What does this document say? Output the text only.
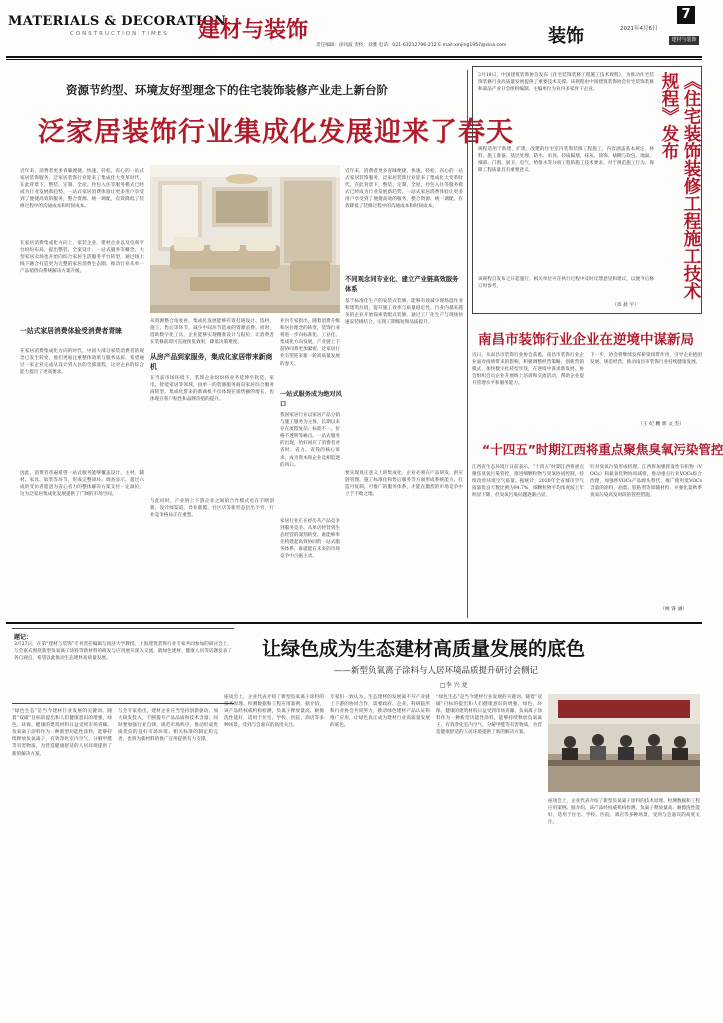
MATERIALS & DECORATION
CONSTRUCTION TIMES 建材与装饰
责任编辑：徐风波 责校：刘雅 电话：021-63212796-212 E-mail:xinjing1957@sina.com 装饰	2021年4月6日
7
建材与装饰
资源节约型、环境友好型理念下的住宅装饰装修产业走上新台阶
泛家居装饰行业集成化发展迎来了春天
近年来，消费者更多青睐便捷、快速、轻松、省心的一站式家居装饰服务，泛家居装饰行业迎来了集成化大变革时代。在此背景下，整装、定制、全屋、拎包入住等服务模式已经成为行业发展新趋势。一站式家居消费体验让更多用户享受到了便捷高效的服务，整合资源、统一调配，有效降低了装修过程中的沟通成本和时间成本。
在家居消费集成化方向上，家装企业、建材企业以及电商平台纷纷布局，提出整装、全案设计、一站式服务等概念。大型家居卖场也开始向综合家居生活服务平台转型，通过线上线下融合打造更为完整的家居消费生态圈，推动行业从单一产品销售向系统解决方案升级。
一站式家居消费体验受消费者青睐
在家居消费集成化方向的时代，中国大部分家装消费者的观念已发生转变，他们更加注重整体效果与服务品质，希望通过一家企业完成从设计到入住的全部流程，这对企业的综合能力提出了更高要求。
因此，消费者普遍希望一站式服务能够覆盖设计、主材、辅材、家具、软装等环节，形成完整闭环。调查显示，超过六成的受访者愿意为省心省力的整体解决方案支付一定溢价，这为泛家居集成化发展提供了广阔的市场空间。
从资源整合角度看，集成化发展能够有效打通设计、选材、施工、售后等环节，减少中间环节造成的资源浪费。同时，借助数字化工具，企业能够实现精准设计与报价，让消费者在装修前即可直观预览效果，降低决策难度。
从房产品到家服务，集成化家居带来新商机
在当前市场环境下，装饰企业纷纷将业务延伸至软装、家电、智能家居等领域，由单一的装修服务商向家居综合服务商转型。集成化带来的新商机不仅体现在销售额的增长，也体现在客户粘性和品牌价值的提升。
与此同时，产业链上下游企业之间的合作模式也在不断创新，设计师渠道、异业联盟、社区店等新形态层出不穷，行业竞争格局正在重塑。
业内专家指出，随着消费升级和居住理念的转变，装饰行业将进一步向标准化、工业化、集成化方向发展，产业链上下游协同将更加紧密，泛家居行业有望迎来新一轮高质量发展的春天。
一站式服务成为绝对风口
我国家居行业以家居产品分销与施工服务为主体，长期以来存在流程复杂、标准不一、价格不透明等痛点。一站式服务的出现，恰好回应了消费者对省时、省力、省钱的核心诉求，成为资本和企业竞相追逐的风口。
家居行业正在经历从产品竞争到服务竞争、从单店经营到生态经营的深刻转变。谁能够率先构建起高效协同的一站式服务体系，谁就能在未来的市场竞争中占据主动。
近年来，消费者更多青睐便捷、快速、轻松、省心的一站式家居装饰服务，泛家居装饰行业迎来了集成化大变革时代。在此背景下，整装、定制、全屋、拎包入住等服务模式已经成为行业发展新趋势。一站式家居消费体验让更多用户享受到了便捷高效的服务，整合资源、统一调配，有效降低了装修过程中的沟通成本和时间成本。
不同观念同专业化、建立产业链高效服务体系
基于标准化生产的安装式装修，能够有效减少现场湿作业和建筑垃圾，提升施工效率与质量稳定性。行业内越来越多的企业开始探索装配式装修，通过工厂化生产与现场快速安装相结合，实现工期缩短和品质提升。
要实现真正意义上的集成化，企业必须在产品研发、供应链管理、施工标准化和售后服务等方面形成系统能力，打造可复制、可推广的服务体系，才能在激烈的市场竞争中立于不败之地。
《住宅装饰装修工程施工技术规程》发布
3月18日，中国建筑装饰协会发布《住宅装饰装修工程施工技术规程》，为推动住宅装饰装修行业高质量发展提供了重要技术支撑。该规程由中国建筑装饰协会住宅装饰装修和部品产业分会组织编制，主编单位为业内多家骨干企业。
规程适用于新建、扩建、改建的住宅室内装饰装修工程施工，内容涵盖基本规定、材料、施工准备、基层处理、防水、吊顶、轻质隔墙、抹灰、涂饰、裱糊与软包、地面、细部、门窗、厨卫、电气、给排水等分项工程的施工技术要求，对于规范施工行为、保障工程质量具有重要意义。
该规程自发布之日起施行，相关单位可在执行过程中及时反馈意见和建议，以便今后修订时参考。
（章 晨 宇）
南昌市装饰行业企业在逆境中谋新局
近日，从南昌市装饰行业协会获悉，南昌市装饰行业企业面对疫情带来的影响，积极调整经营策略，创新营销模式，加快数字化转型步伐，在逆境中谋求新发展。协会组织会员企业开展线上培训和交流活动，帮助企业提升管理水平和服务能力。
下一步，协会将继续发挥桥梁纽带作用，引导企业抱团发展、规范经营，推动南昌市装饰行业持续健康发展。
（王 纪 鹏 郭 文 杰）
“十四五”时期江西将重点聚焦臭氧污染管控
江西省生态环境厅日前表示，“十四五”时期江西将重点聚焦臭氧污染管控，推进细颗粒物与臭氧协同控制，持续改善环境空气质量。据统计，2020年全省城市空气质量优良天数比例为94.7%，细颗粒物平均浓度较上年明显下降，但臭氧污染问题逐渐凸显。
针对臭氧污染形成机理，江西将加强挥发性有机物（VOCs）和氮氧化物协同减排，推动重点行业VOCs综合治理，加强涉VOCs产品源头替代，推广使用低VOCs含量的涂料、油墨、胶粘剂等原辅材料，并强化夏秋季臭氧污染高发时段的管控措施。
（林 睿 涵）
题记：
3月27日，在第“建材与装饰”专刊责任编辑与同济大学教授、上海建筑装饰行业专家共同参加的研讨会上，与会嘉宾围绕新型负氧离子涂料等新材料的研发与应用展开深入交流，就绿色建材、健康人居等话题发表了各自观点，希望以此推动生态建材高质量发展。	让绿色成为生态建材高质量发展的底色
——新型负氧离子涂料与人居环境品质提升研讨会侧记
□李 兴 龙
“绿色生态”是当今建材行业发展的关键词。随着“双碳”目标的提出和人们健康意识的增强，绿色、环保、健康的建筑材料日益受到市场青睐。负氧离子涂料作为一种新型功能性涂料，能够持续释放负氧离子，有效净化室内空气，分解甲醛等有害物质，为营造健康舒适的人居环境提供了新的解决方案。
与会专家指出，建材企业应当坚持创新驱动，加大研发投入，不断提升产品品质和技术含量；同时要加强行业自律，规范市场秩序，推动形成优质优价的良好市场环境。相关标准的制定和完善，也将为新材料的推广应用提供有力支撑。
座谈会上，企业代表介绍了新型负氧离子涂料的技术原理、检测数据和工程应用案例。据介绍，该产品经权威机构检测，负离子释放量高、耐擦洗性能好，适用于住宅、学校、医院、酒店等多种场景，受到与会嘉宾的高度关注。
专家们一致认为，生态建材的发展离不开产业链上下游的协同合作，需要政府、企业、科研院所和行业协会共同努力，推动绿色建材产品认证和推广应用，让绿色真正成为建材行业高质量发展的底色。
“绿色生态”是当今建材行业发展的关键词。随着“双碳”目标的提出和人们健康意识的增强，绿色、环保、健康的建筑材料日益受到市场青睐。负氧离子涂料作为一种新型功能性涂料，能够持续释放负氧离子，有效净化室内空气，分解甲醛等有害物质，为营造健康舒适的人居环境提供了新的解决方案。
座谈会上，企业代表介绍了新型负氧离子涂料的技术原理、检测数据和工程应用案例。据介绍，该产品经权威机构检测，负离子释放量高、耐擦洗性能好，适用于住宅、学校、医院、酒店等多种场景，受到与会嘉宾的高度关注。
